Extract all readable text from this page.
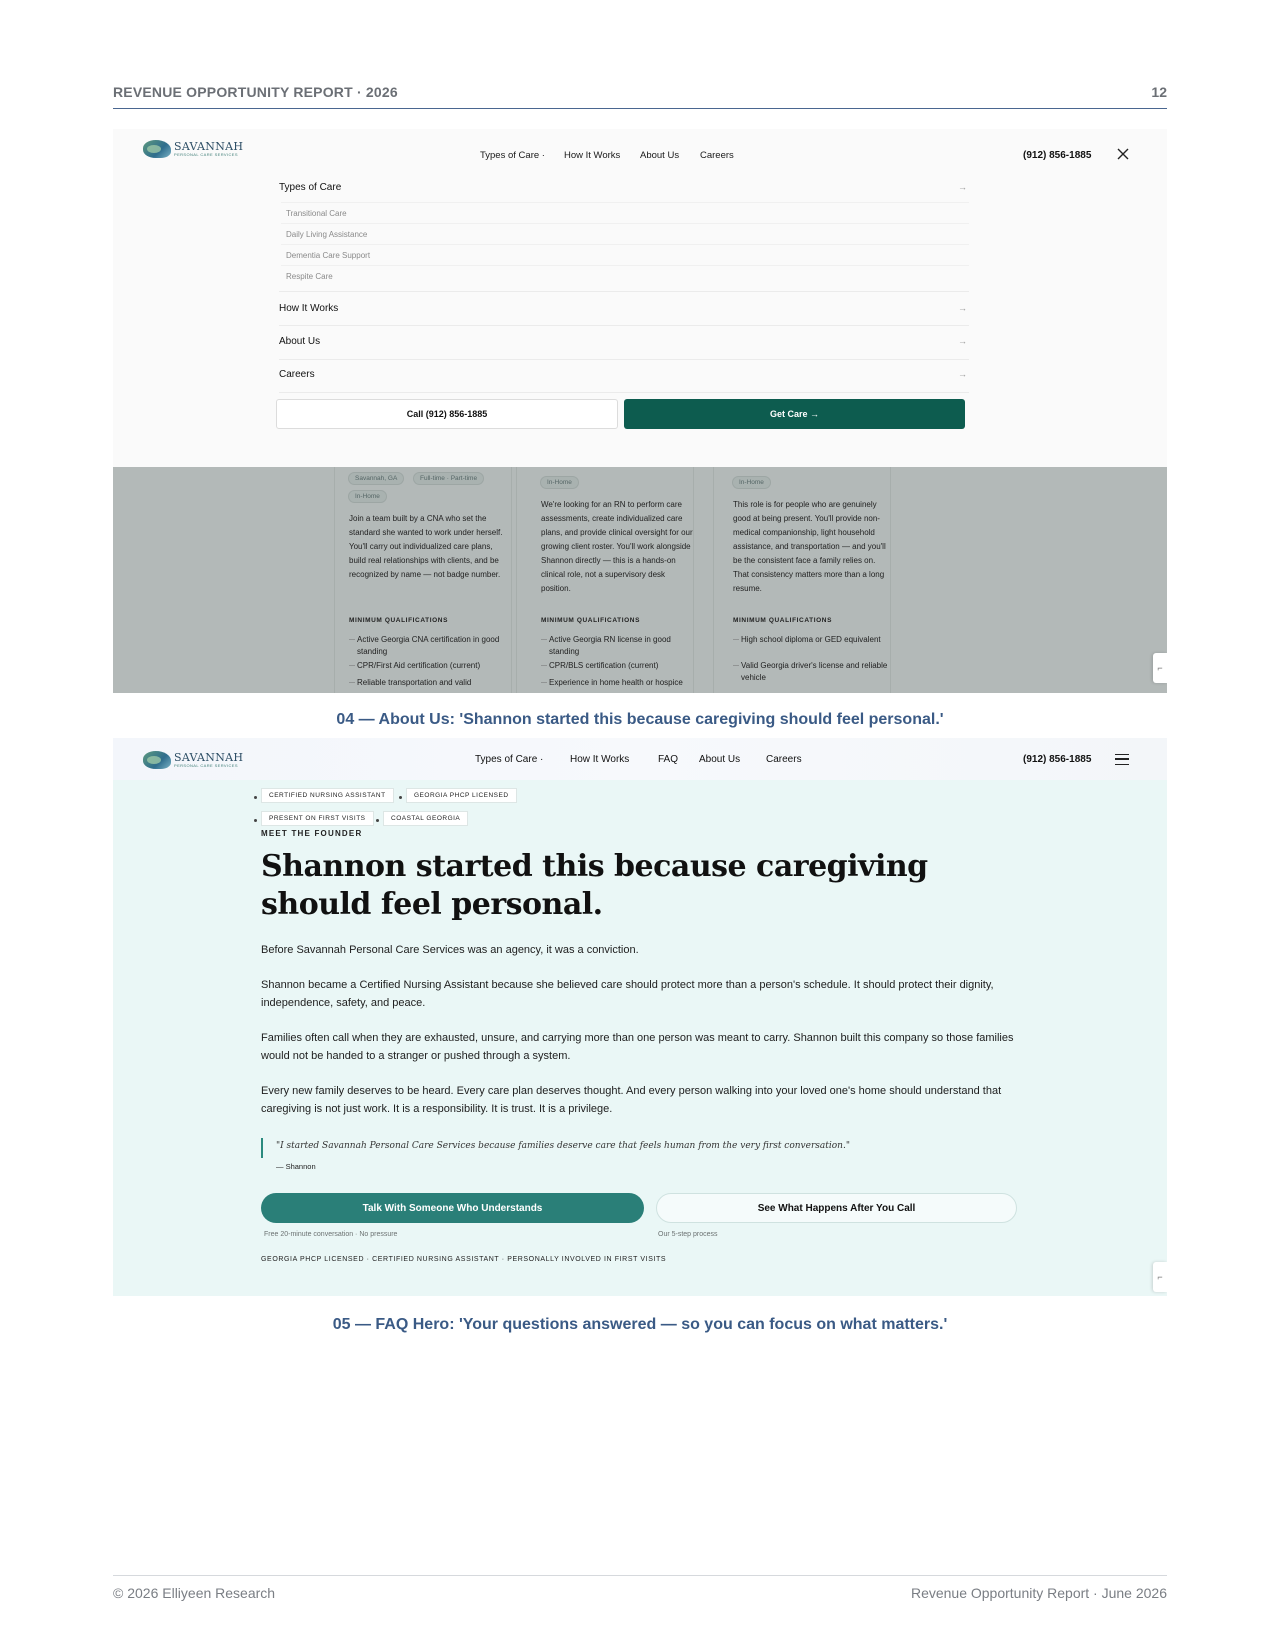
REVENUE OPPORTUNITY REPORT · 2026	12
SAVANNAH
PERSONAL CARE SERVICES	Types of Care · How It Works About Us Careers	(912) 856-1885
Types of Care	→
Transitional Care
Daily Living Assistance
Dementia Care Support
Respite Care
How It Works	→
About Us	→
Careers	→
Call (912) 856-1885	Get Care →
Savannah, GA	Full-time · Part-time
In-Home
Join a team built by a CNA who set the standard she wanted to work under herself. You'll carry out individualized care plans, build real relationships with clients, and be recognized by name — not badge number.
MINIMUM QUALIFICATIONS
— Active Georgia CNA certification in good standing
— CPR/First Aid certification (current)
— Reliable transportation and valid
In-Home
We're looking for an RN to perform care assessments, create individualized care plans, and provide clinical oversight for our growing client roster. You'll work alongside Shannon directly — this is a hands-on clinical role, not a supervisory desk position.
MINIMUM QUALIFICATIONS
— Active Georgia RN license in good standing
— CPR/BLS certification (current)
— Experience in home health or hospice
In-Home
This role is for people who are genuinely good at being present. You'll provide non-medical companionship, light household assistance, and transportation — and you'll be the consistent face a family relies on. That consistency matters more than a long resume.
MINIMUM QUALIFICATIONS
— High school diploma or GED equivalent
— Valid Georgia driver's license and reliable vehicle
⌐
04 — About Us: 'Shannon started this because caregiving should feel personal.'
SAVANNAH
PERSONAL CARE SERVICES
Types of Care ·	How It Works	FAQ About Us	Careers	(912) 856-1885
CERTIFIED NURSING ASSISTANT	GEORGIA PHCP LICENSED
PRESENT ON FIRST VISITS	COASTAL GEORGIA
MEET THE FOUNDER
Shannon started this because caregiving should feel personal.

Before Savannah Personal Care Services was an agency, it was a conviction.

Shannon became a Certified Nursing Assistant because she believed care should protect more than a person's schedule. It should protect their dignity, independence, safety, and peace.

Families often call when they are exhausted, unsure, and carrying more than one person was meant to carry. Shannon built this company so those families would not be handed to a stranger or pushed through a system.

Every new family deserves to be heard. Every care plan deserves thought. And every person walking into your loved one's home should understand that caregiving is not just work. It is a responsibility. It is trust. It is a privilege.

"I started Savannah Personal Care Services because families deserve care that feels human from the very first conversation."
— Shannon
Talk With Someone Who Understands	See What Happens After You Call
Free 20-minute conversation · No pressure	Our 5-step process
GEORGIA PHCP LICENSED · CERTIFIED NURSING ASSISTANT · PERSONALLY INVOLVED IN FIRST VISITS
⌐
05 — FAQ Hero: 'Your questions answered — so you can focus on what matters.'
© 2026 Elliyeen Research	Revenue Opportunity Report · June 2026
